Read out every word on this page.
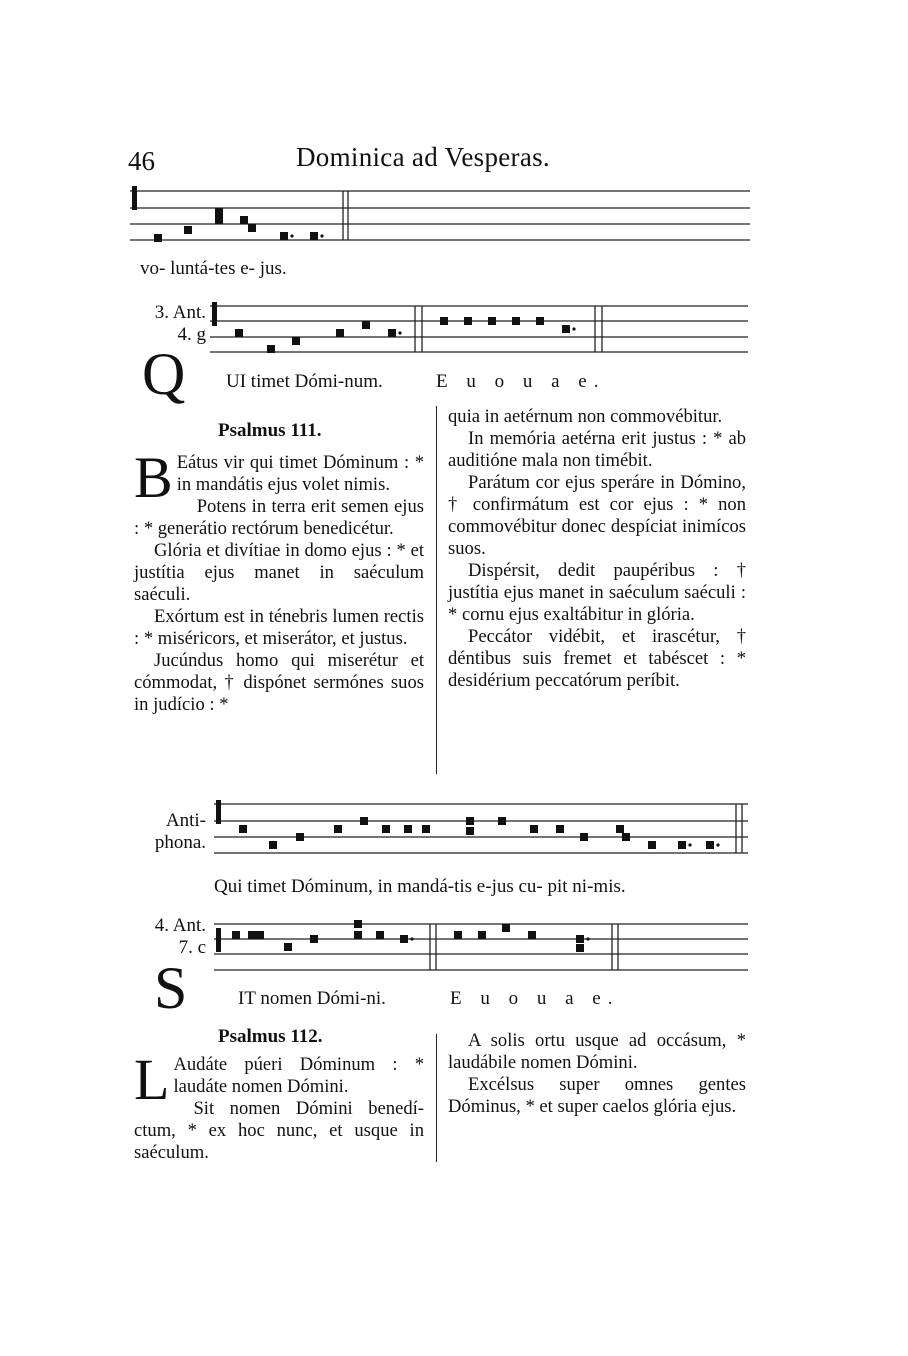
46	Dominica ad Vesperas.
vo- luntá-tes e- jus.
3. Ant.
4. g
Q UI timet Dómi-num.	E u o u a e.
Psalmus 111.

B Eátus vir qui timet Dóminum : * in mandátis ejus volet nimis.

Potens in terra erit semen ejus : * generátio rectórum benedicétur.

Glória et divítiae in domo ejus : * et justítia ejus manet in saéculum saéculi.

Exórtum est in ténebris lumen rectis : * miséricors, et miserátor, et justus.

Jucúndus homo qui miserétur et cómmodat, † dispónet sermónes suos in judício : *

quia in aetérnum non commovébitur.

In memória aetérna erit justus : * ab auditióne mala non timébit.

Parátum cor ejus speráre in Dómino, † confirmátum est cor ejus : * non commovébitur donec despíciat inimícos suos.

Dispérsit, dedit paupéribus : † justítia ejus manet in saéculum saéculi : * cornu ejus exaltábitur in glória.

Peccátor vidébit, et irascétur, † déntibus suis fremet et tabéscet : * desidérium peccatórum períbit.

Anti-
phona.
Qui timet Dóminum, in mandá-tis e-jus cu- pit ni-mis.
4. Ant.
7. c
S	IT nomen Dómi-ni.	E u o u a e.
Psalmus 112.

L Audáte púeri Dóminum : * laudáte nomen Dómini.

Sit nomen Dómini benedíctum, * ex hoc nunc, et usque in saéculum.

A solis ortu usque ad occásum, * laudábile nomen Dómini.

Excélsus super omnes gentes Dóminus, * et super caelos glória ejus.
